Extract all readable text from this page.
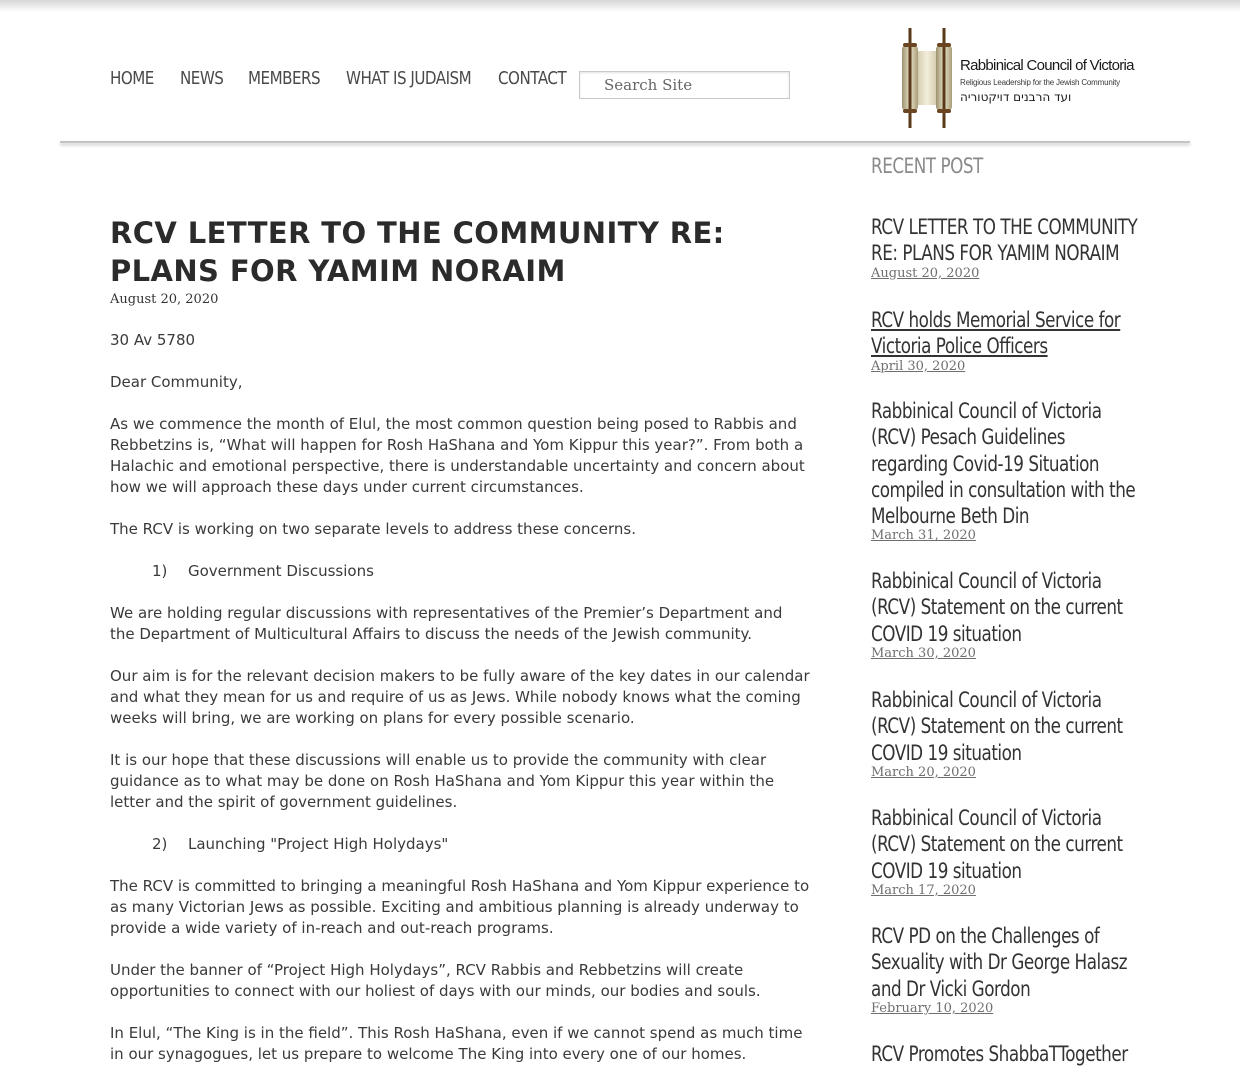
HOME NEWS MEMBERS WHAT IS JUDAISM CONTACT
Search Site
Rabbinical Council of Victoria
Religious Leadership for the Jewish Community
ועד הרבנים דויקטוריה
RCV LETTER TO THE COMMUNITY RE: PLANS FOR YAMIM NORAIM
August 20, 2020

30 Av 5780

Dear Community,

As we commence the month of Elul, the most common question being posed to Rabbis and Rebbetzins is, “What will happen for Rosh HaShana and Yom Kippur this year?”. From both a Halachic and emotional perspective, there is understandable uncertainty and concern about how we will approach these days under current circumstances.

The RCV is working on two separate levels to address these concerns.

1) Government Discussions

We are holding regular discussions with representatives of the Premier’s Department and the Department of Multicultural Affairs to discuss the needs of the Jewish community.

Our aim is for the relevant decision makers to be fully aware of the key dates in our calendar and what they mean for us and require of us as Jews. While nobody knows what the coming weeks will bring, we are working on plans for every possible scenario.

It is our hope that these discussions will enable us to provide the community with clear guidance as to what may be done on Rosh HaShana and Yom Kippur this year within the letter and the spirit of government guidelines.

2) Launching "Project High Holydays"

The RCV is committed to bringing a meaningful Rosh HaShana and Yom Kippur experience to as many Victorian Jews as possible. Exciting and ambitious planning is already underway to provide a wide variety of in-reach and out-reach programs.

Under the banner of “Project High Holydays”, RCV Rabbis and Rebbetzins will create opportunities to connect with our holiest of days with our minds, our bodies and souls.

In Elul, “The King is in the field”. This Rosh HaShana, even if we cannot spend as much time in our synagogues, let us prepare to welcome The King into every one of our homes.

RECENT POST
RCV LETTER TO THE COMMUNITY RE: PLANS FOR YAMIM NORAIM
August 20, 2020
RCV holds Memorial Service for Victoria Police Officers
April 30, 2020
Rabbinical Council of Victoria (RCV) Pesach Guidelines regarding Covid-19 Situation compiled in consultation with the Melbourne Beth Din
March 31, 2020
Rabbinical Council of Victoria (RCV) Statement on the current COVID 19 situation
March 30, 2020
Rabbinical Council of Victoria (RCV) Statement on the current COVID 19 situation
March 20, 2020
Rabbinical Council of Victoria (RCV) Statement on the current COVID 19 situation
March 17, 2020
RCV PD on the Challenges of Sexuality with Dr George Halasz and Dr Vicki Gordon
February 10, 2020
RCV Promotes ShabbaTTogether
